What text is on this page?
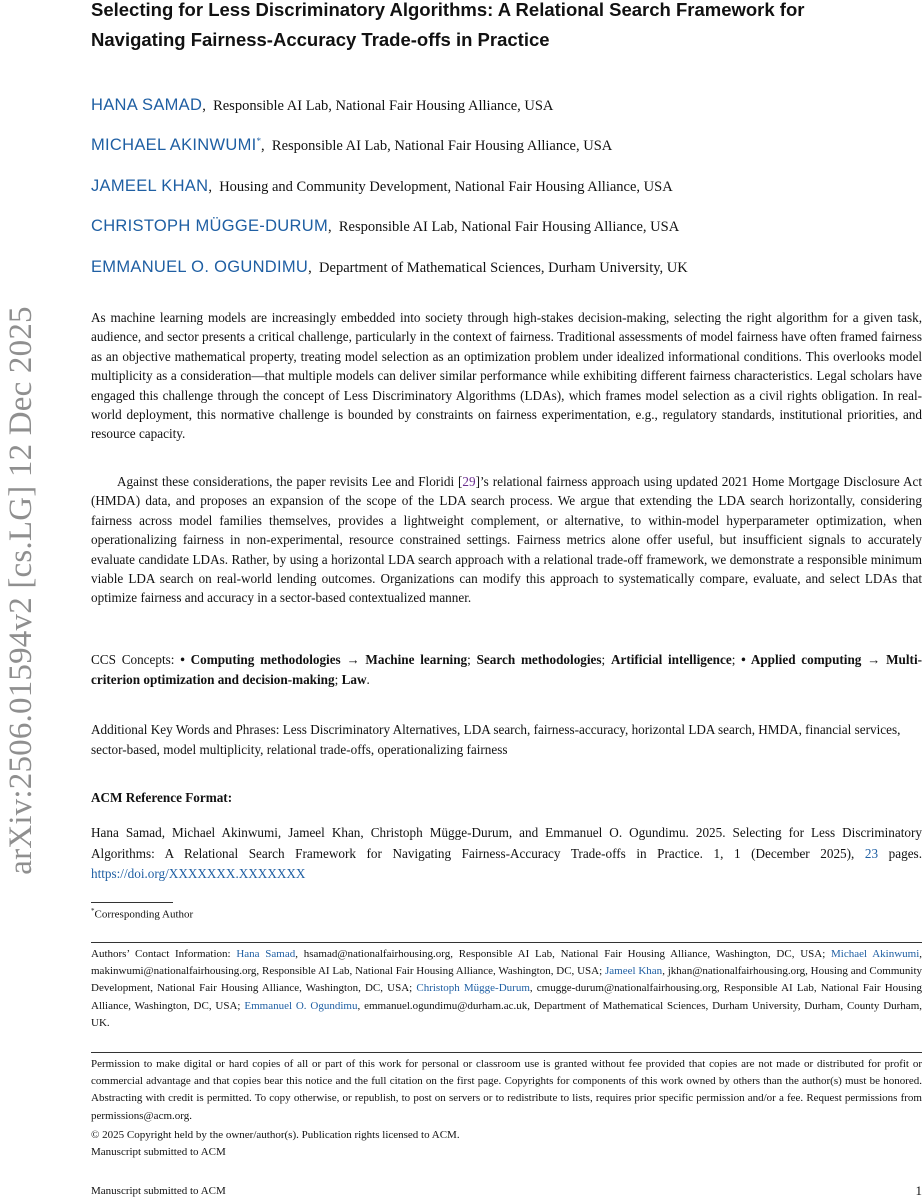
arXiv:2506.01594v2 [cs.LG] 12 Dec 2025
Selecting for Less Discriminatory Algorithms: A Relational Search Framework for Navigating Fairness-Accuracy Trade-offs in Practice
HANA SAMAD,  Responsible AI Lab, National Fair Housing Alliance, USA
MICHAEL AKINWUMI*,  Responsible AI Lab, National Fair Housing Alliance, USA
JAMEEL KHAN,  Housing and Community Development, National Fair Housing Alliance, USA
CHRISTOPH MÜGGE-DURUM,  Responsible AI Lab, National Fair Housing Alliance, USA
EMMANUEL O. OGUNDIMU,  Department of Mathematical Sciences, Durham University, UK

As machine learning models are increasingly embedded into society through high-stakes decision-making, selecting the right algorithm for a given task, audience, and sector presents a critical challenge, particularly in the context of fairness. Traditional assessments of model fairness have often framed fairness as an objective mathematical property, treating model selection as an optimization problem under idealized informational conditions. This overlooks model multiplicity as a consideration—that multiple models can deliver similar performance while exhibiting different fairness characteristics. Legal scholars have engaged this challenge through the concept of Less Discriminatory Algorithms (LDAs), which frames model selection as a civil rights obligation. In real-world deployment, this normative challenge is bounded by constraints on fairness experimentation, e.g., regulatory standards, institutional priorities, and resource capacity.

Against these considerations, the paper revisits Lee and Floridi [29]’s relational fairness approach using updated 2021 Home Mortgage Disclosure Act (HMDA) data, and proposes an expansion of the scope of the LDA search process. We argue that extending the LDA search horizontally, considering fairness across model families themselves, provides a lightweight complement, or alternative, to within-model hyperparameter optimization, when operationalizing fairness in non-experimental, resource constrained settings. Fairness metrics alone offer useful, but insufficient signals to accurately evaluate candidate LDAs. Rather, by using a horizontal LDA search approach with a relational trade-off framework, we demonstrate a responsible minimum viable LDA search on real-world lending outcomes. Organizations can modify this approach to systematically compare, evaluate, and select LDAs that optimize fairness and accuracy in a sector-based contextualized manner.

CCS Concepts: • Computing methodologies → Machine learning; Search methodologies; Artificial intelligence; • Applied computing → Multi-criterion optimization and decision-making; Law.

Additional Key Words and Phrases: Less Discriminatory Alternatives, LDA search, fairness-accuracy, horizontal LDA search, HMDA, financial services, sector-based, model multiplicity, relational trade-offs, operationalizing fairness

ACM Reference Format:

Hana Samad, Michael Akinwumi, Jameel Khan, Christoph Mügge-Durum, and Emmanuel O. Ogundimu. 2025. Selecting for Less Discriminatory Algorithms: A Relational Search Framework for Navigating Fairness-Accuracy Trade-offs in Practice. 1, 1 (December 2025), 23 pages. https://doi.org/XXXXXXX.XXXXXXX

*Corresponding Author

Authors’ Contact Information: Hana Samad, hsamad@nationalfairhousing.org, Responsible AI Lab, National Fair Housing Alliance, Washington, DC, USA; Michael Akinwumi, makinwumi@nationalfairhousing.org, Responsible AI Lab, National Fair Housing Alliance, Washington, DC, USA; Jameel Khan, jkhan@nationalfairhousing.org, Housing and Community Development, National Fair Housing Alliance, Washington, DC, USA; Christoph Mügge-Durum, cmugge-durum@nationalfairhousing.org, Responsible AI Lab, National Fair Housing Alliance, Washington, DC, USA; Emmanuel O. Ogundimu, emmanuel.ogundimu@durham.ac.uk, Department of Mathematical Sciences, Durham University, Durham, County Durham, UK.

Permission to make digital or hard copies of all or part of this work for personal or classroom use is granted without fee provided that copies are not made or distributed for profit or commercial advantage and that copies bear this notice and the full citation on the first page. Copyrights for components of this work owned by others than the author(s) must be honored. Abstracting with credit is permitted. To copy otherwise, or republish, to post on servers or to redistribute to lists, requires prior specific permission and/or a fee. Request permissions from permissions@acm.org.

© 2025 Copyright held by the owner/author(s). Publication rights licensed to ACM.
Manuscript submitted to ACM
Manuscript submitted to ACM	1
